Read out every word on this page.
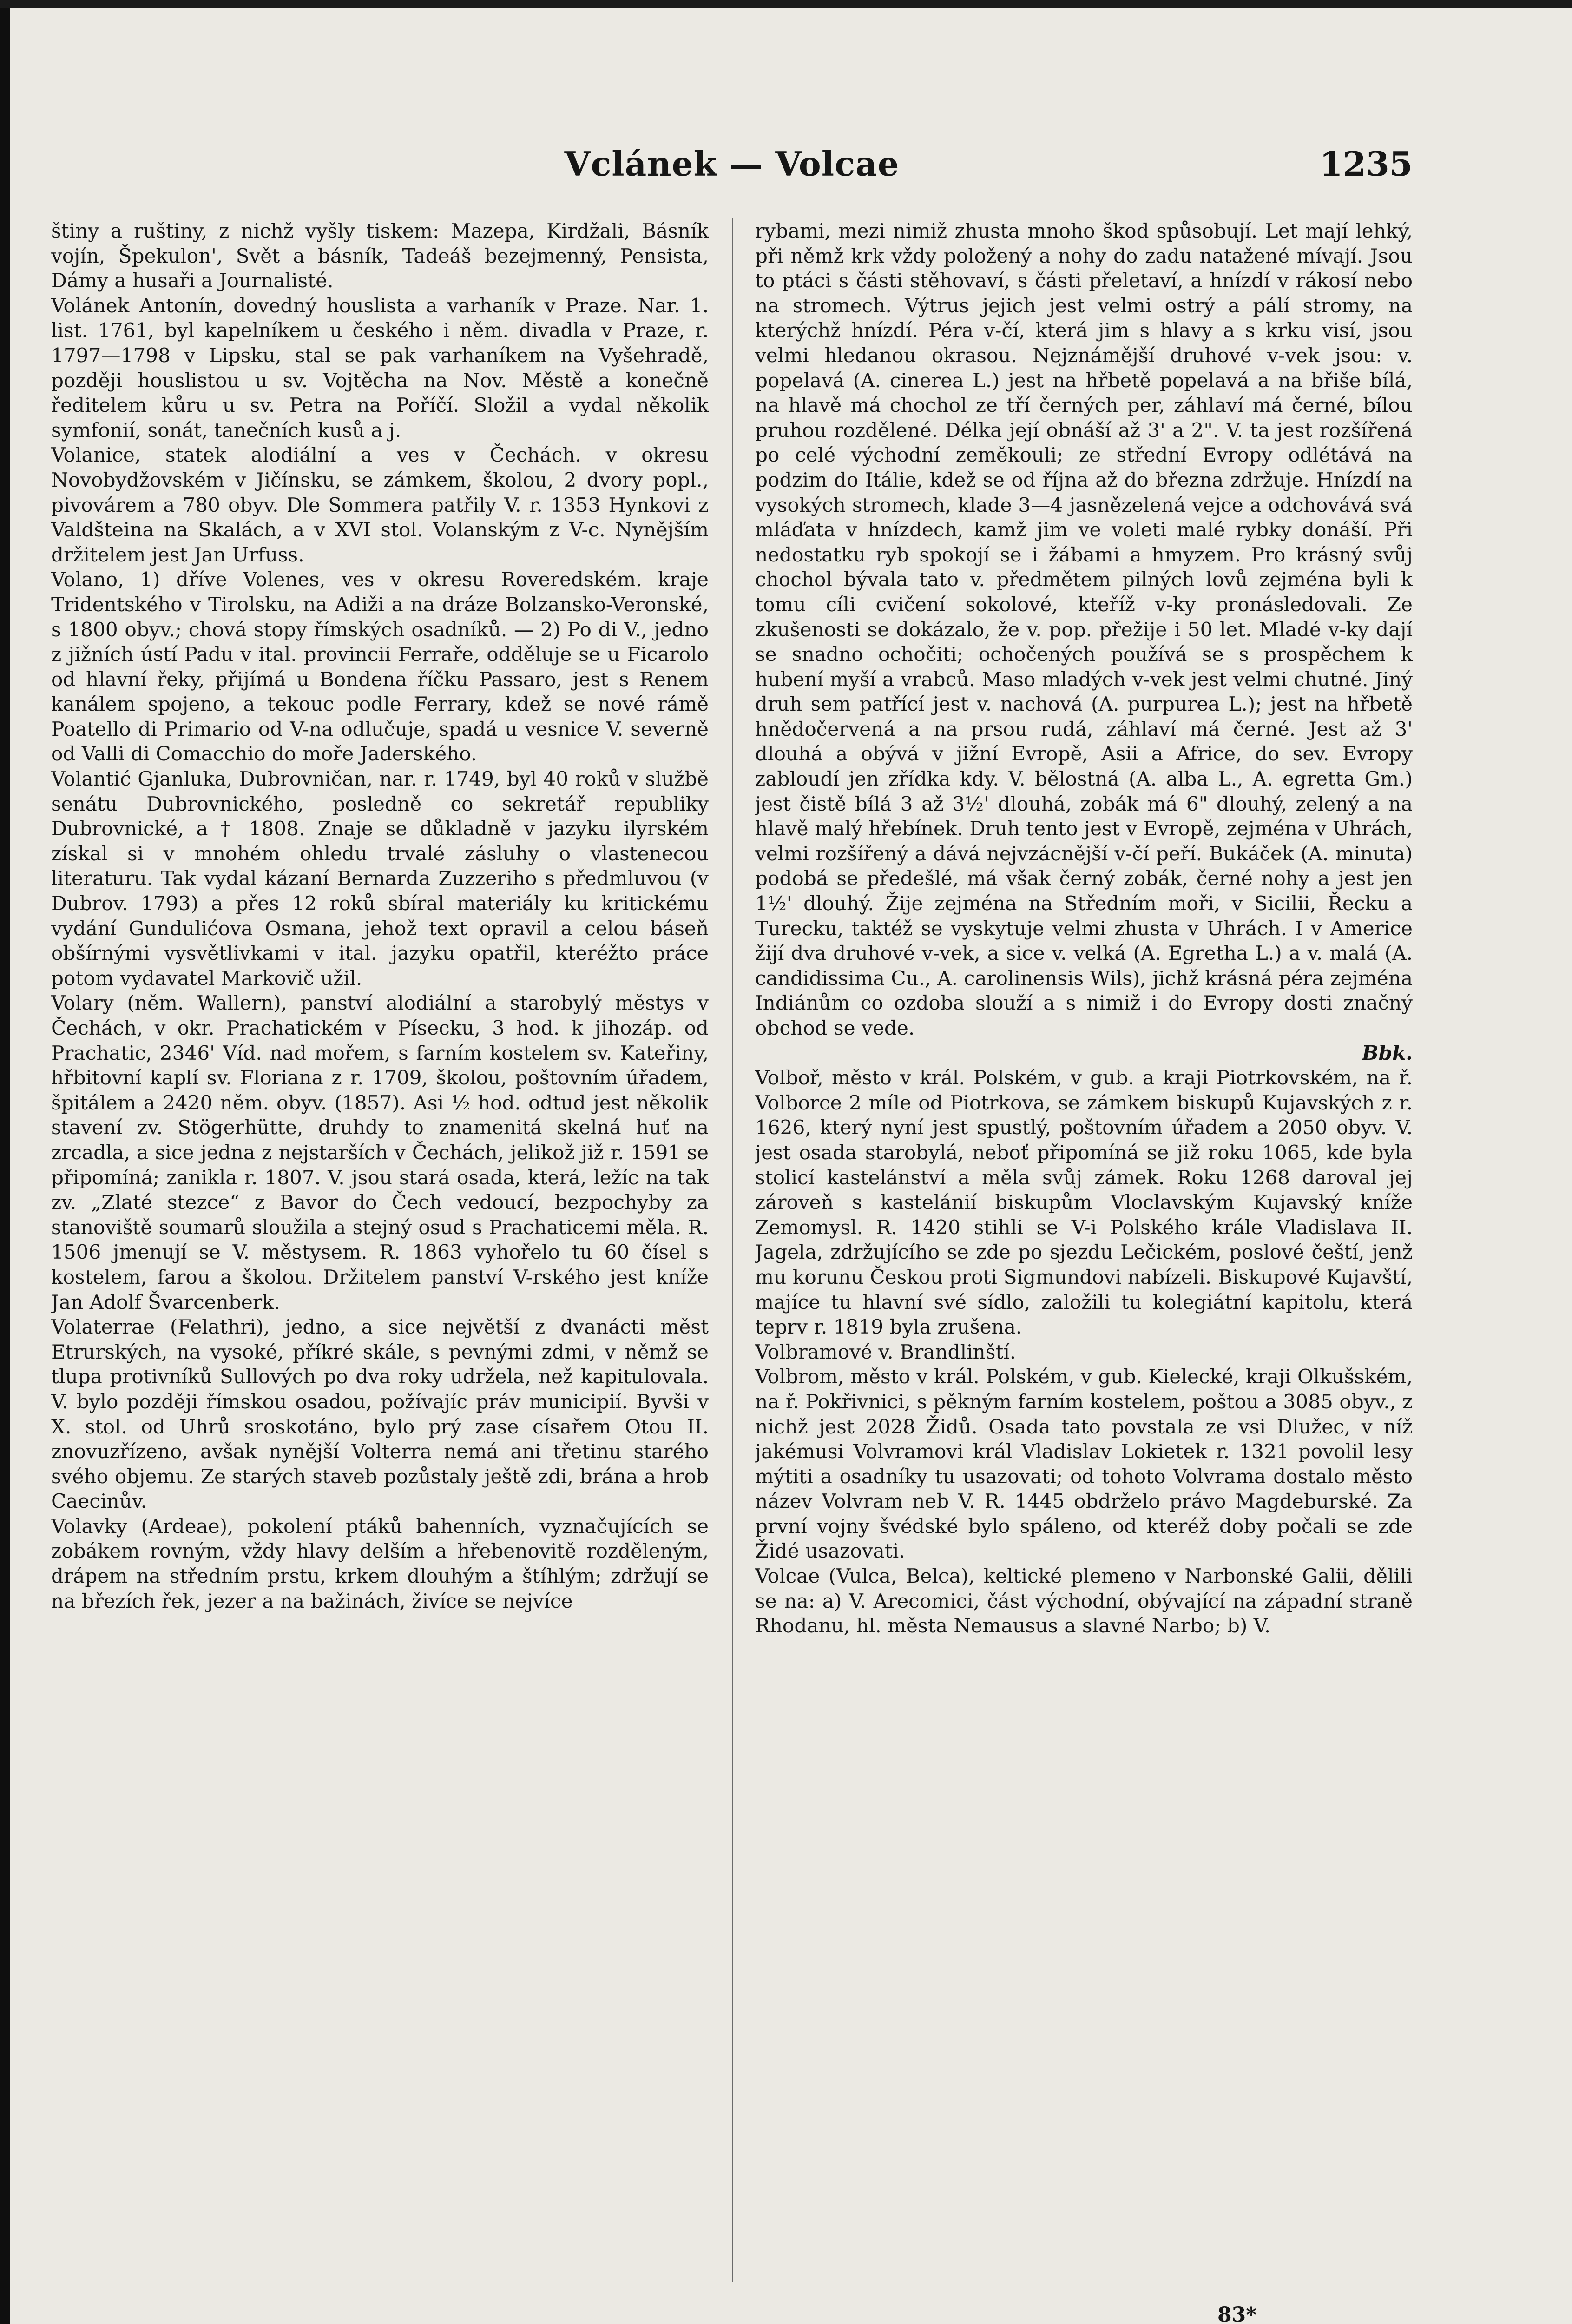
Vclánek — Volcae	1235

štiny a ruštiny, z nichž vyšly tiskem: Mazepa, Kirdžali, Básník vojín, Špekulon', Svět a básník, Tadeáš bezejmenný, Pensista, Dámy a husaři a Journalisté.

Volánek Antonín, dovedný houslista a varhaník v Praze. Nar. 1. list. 1761, byl kapelníkem u českého i něm. divadla v Praze, r. 1797—1798 v Lipsku, stal se pak varhaníkem na Vyšehradě, později houslistou u sv. Vojtěcha na Nov. Městě a konečně ředitelem kůru u sv. Petra na Poříčí. Složil a vydal několik symfonií, sonát, tanečních kusů a j.

Volanice, statek alodiální a ves v Čechách. v okresu Novobydžovském v Jičínsku, se zámkem, školou, 2 dvory popl., pivovárem a 780 obyv. Dle Sommera patřily V. r. 1353 Hynkovi z Valdšteina na Skalách, a v XVI stol. Volanským z V-c. Nynějším držitelem jest Jan Urfuss.

Volano, 1) dříve Volenes, ves v okresu Roveredském. kraje Tridentského v Tirolsku, na Adiži a na dráze Bolzansko-Veronské, s 1800 obyv.; chová stopy římských osadníků. — 2) Po di V., jedno z jižních ústí Padu v ital. provincii Ferraře, odděluje se u Ficarolo od hlavní řeky, přijímá u Bondena říčku Passaro, jest s Renem kanálem spojeno, a tekouc podle Ferrary, kdež se nové rámě Poatello di Primario od V-na odlučuje, spadá u vesnice V. severně od Valli di Comacchio do moře Jaderského.

Volantić Gjanluka, Dubrovničan, nar. r. 1749, byl 40 roků v službě senátu Dubrovnického, posledně co sekretář republiky Dubrovnické, a † 1808. Znaje se důkladně v jazyku ilyrském získal si v mnohém ohledu trvalé zásluhy o vlastenecou literaturu. Tak vydal kázaní Bernarda Zuzzeriho s předmluvou (v Dubrov. 1793) a přes 12 roků sbíral materiály ku kritickému vydání Gundulićova Osmana, jehož text opravil a celou báseň obšírnými vysvětlivkami v ital. jazyku opatřil, kteréžto práce potom vydavatel Markovič užil.

Volary (něm. Wallern), panství alodiální a starobylý městys v Čechách, v okr. Prachatickém v Písecku, 3 hod. k jihozáp. od Prachatic, 2346' Víd. nad mořem, s farním kostelem sv. Kateřiny, hřbitovní kaplí sv. Floriana z r. 1709, školou, poštovním úřadem, špitálem a 2420 něm. obyv. (1857). Asi ½ hod. odtud jest několik stavení zv. Stögerhütte, druhdy to znamenitá skelná huť na zrcadla, a sice jedna z nejstarších v Čechách, jelikož již r. 1591 se připomíná; zanikla r. 1807. V. jsou stará osada, která, ležíc na tak zv. „Zlaté stezce“ z Bavor do Čech vedoucí, bezpochyby za stanoviště soumarů sloužila a stejný osud s Prachaticemi měla. R. 1506 jmenují se V. městysem. R. 1863 vyhořelo tu 60 čísel s kostelem, farou a školou. Držitelem panství V-rského jest kníže Jan Adolf Švarcenberk.

Volaterrae (Felathri), jedno, a sice největší z dvanácti měst Etrurských, na vysoké, příkré skále, s pevnými zdmi, v němž se tlupa protivníků Sullových po dva roky udržela, než kapitulovala. V. bylo později římskou osadou, požívajíc práv municipií. Byvši v X. stol. od Uhrů sroskotáno, bylo prý zase císařem Otou II. znovuzřízeno, avšak nynější Volterra nemá ani třetinu starého svého objemu. Ze starých staveb pozůstaly ještě zdi, brána a hrob Caecinův.

Volavky (Ardeae), pokolení ptáků bahenních, vyznačujících se zobákem rovným, vždy hlavy delším a hřebenovitě rozděleným, drápem na středním prstu, krkem dlouhým a štíhlým; zdržují se na březích řek, jezer a na bažinách, živíce se nejvíce

rybami, mezi nimiž zhusta mnoho škod spůsobují. Let mají lehký, při němž krk vždy položený a nohy do zadu natažené mívají. Jsou to ptáci s části stěhovaví, s části přeletaví, a hnízdí v rákosí nebo na stromech. Výtrus jejich jest velmi ostrý a pálí stromy, na kterýchž hnízdí. Péra v-čí, která jim s hlavy a s krku visí, jsou velmi hledanou okrasou. Nejznámější druhové v-vek jsou: v. popelavá (A. cinerea L.) jest na hřbetě popelavá a na břiše bílá, na hlavě má chochol ze tří černých per, záhlaví má černé, bílou pruhou rozdělené. Délka její obnáší až 3' a 2". V. ta jest rozšířená po celé východní zeměkouli; ze střední Evropy odlétává na podzim do Itálie, kdež se od října až do března zdržuje. Hnízdí na vysokých stromech, klade 3—4 jasnězelená vejce a odchovává svá mláďata v hnízdech, kamž jim ve voleti malé rybky donáší. Při nedostatku ryb spokojí se i žábami a hmyzem. Pro krásný svůj chochol bývala tato v. předmětem pilných lovů zejména byli k tomu cíli cvičení sokolové, kteříž v-ky pronásledovali. Ze zkušenosti se dokázalo, že v. pop. přežije i 50 let. Mladé v-ky dají se snadno ochočiti; ochočených používá se s prospěchem k hubení myší a vrabců. Maso mladých v-vek jest velmi chutné. Jiný druh sem patřící jest v. nachová (A. purpurea L.); jest na hřbetě hnědočervená a na prsou rudá, záhlaví má černé. Jest až 3' dlouhá a obývá v jižní Evropě, Asii a Africe, do sev. Evropy zabloudí jen zřídka kdy. V. bělostná (A. alba L., A. egretta Gm.) jest čistě bílá 3 až 3½' dlouhá, zobák má 6" dlouhý, zelený a na hlavě malý hřebínek. Druh tento jest v Evropě, zejména v Uhrách, velmi rozšířený a dává nejvzácnější v-čí peří. Bukáček (A. minuta) podobá se předešlé, má však černý zobák, černé nohy a jest jen 1½' dlouhý. Žije zejména na Středním moři, v Sicilii, Řecku a Turecku, taktéž se vyskytuje velmi zhusta v Uhrách. I v Americe žijí dva druhové v-vek, a sice v. velká (A. Egretha L.) a v. malá (A. candidissima Cu., A. carolinensis Wils), jichž krásná péra zejména Indiánům co ozdoba slouží a s nimiž i do Evropy dosti značný obchod se vede.

Bbk.

Volboř, město v král. Polském, v gub. a kraji Piotrkovském, na ř. Volborce 2 míle od Piotrkova, se zámkem biskupů Kujavských z r. 1626, který nyní jest spustlý, poštovním úřadem a 2050 obyv. V. jest osada starobylá, neboť připomíná se již roku 1065, kde byla stolicí kastelánství a měla svůj zámek. Roku 1268 daroval jej zároveň s kastelánií biskupům Vloclavským Kujavský kníže Zemomysl. R. 1420 stihli se V-i Polského krále Vladislava II. Jagela, zdržujícího se zde po sjezdu Lečickém, poslové čeští, jenž mu korunu Českou proti Sigmundovi nabízeli. Biskupové Kujavští, majíce tu hlavní své sídlo, založili tu kolegiátní kapitolu, která teprv r. 1819 byla zrušena.

Volbramové v. Brandlinští.

Volbrom, město v král. Polském, v gub. Kielecké, kraji Olkušském, na ř. Pokřivnici, s pěkným farním kostelem, poštou a 3085 obyv., z nichž jest 2028 Židů. Osada tato povstala ze vsi Dlužec, v níž jakémusi Volvramovi král Vladislav Lokietek r. 1321 povolil lesy mýtiti a osadníky tu usazovati; od tohoto Volvrama dostalo město název Volvram neb V. R. 1445 obdrželo právo Magdeburské. Za první vojny švédské bylo spáleno, od kteréž doby počali se zde Židé usazovati.

Volcae (Vulca, Belca), keltické plemeno v Narbonské Galii, dělili se na: a) V. Arecomici, část východní, obývající na západní straně Rhodanu, hl. města Nemausus a slavné Narbo; b) V.

83*
